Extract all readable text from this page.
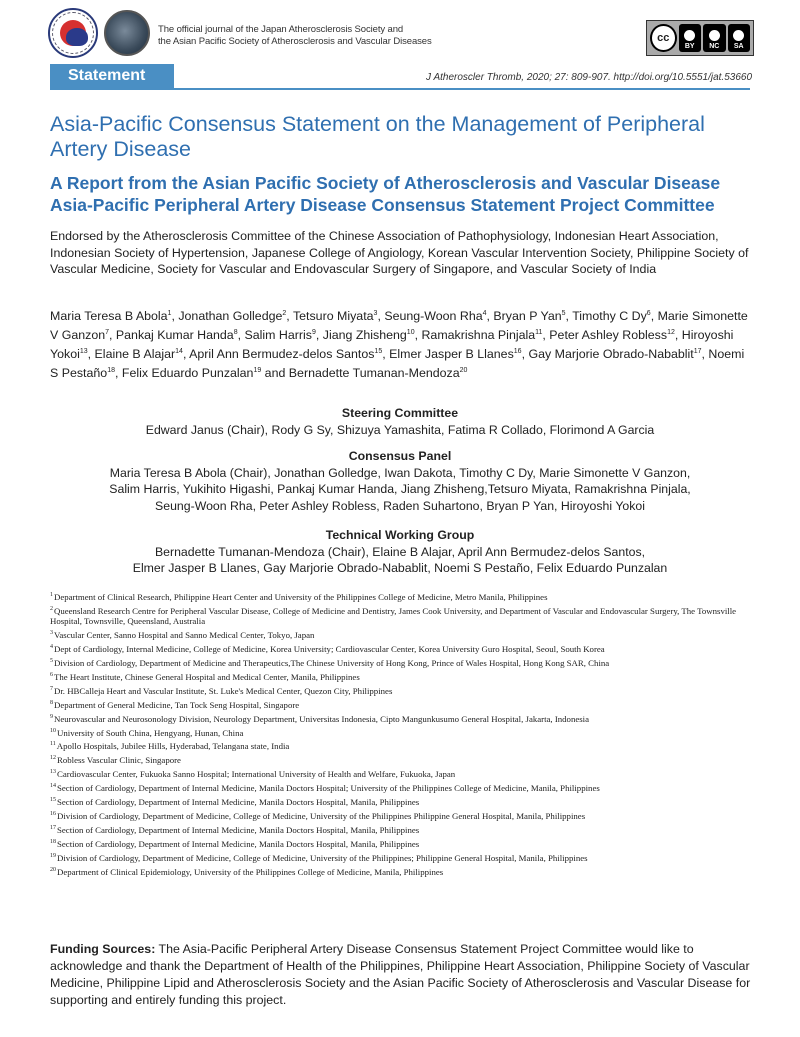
The official journal of the Japan Atherosclerosis Society and
the Asian Pacific Society of Atherosclerosis and Vascular Diseases	cc
BY NC SA
Statement	J Atheroscler Thromb, 2020; 27: 809-907. http://doi.org/10.5551/jat.53660
Asia-Pacific Consensus Statement on the Management of Peripheral
Artery Disease
A Report from the Asian Pacific Society of Atherosclerosis and Vascular Disease
Asia-Pacific Peripheral Artery Disease Consensus Statement Project Committee
Endorsed by the Atherosclerosis Committee of the Chinese Association of Pathophysiology, Indonesian Heart Association, Indonesian Society of Hypertension, Japanese College of Angiology, Korean Vascular Intervention Society, Philippine Society of Vascular Medicine, Society for Vascular and Endovascular Surgery of Singapore, and Vascular Society of India
Maria Teresa B Abola$^1$, Jonathan Golledge$^2$, Tetsuro Miyata$^3$, Seung-Woon Rha$^4$, Bryan P Yan$^5$, Timothy C Dy$^6$, Marie Simonette V Ganzon$^7$, Pankaj Kumar Handa$^8$, Salim Harris$^9$, Jiang Zhisheng$^{10}$, Ramakrishna Pinjala$^{11}$, Peter Ashley Robless$^{12}$, Hiroyoshi Yokoi$^{13}$, Elaine B Alajar$^{14}$, April Ann Bermudez-delos Santos$^{15}$, Elmer Jasper B Llanes$^{16}$, Gay Marjorie Obrado-Nabablit$^{17}$, Noemi S Pestaño$^{18}$, Felix Eduardo Punzalan$^{19}$ and Bernadette Tumanan-Mendoza$^{20}$
Steering Committee
Edward Janus (Chair), Rody G Sy, Shizuya Yamashita, Fatima R Collado, Florimond A Garcia
Consensus Panel
Maria Teresa B Abola (Chair), Jonathan Golledge, Iwan Dakota, Timothy C Dy, Marie Simonette V Ganzon,
Salim Harris, Yukihito Higashi, Pankaj Kumar Handa, Jiang Zhisheng,Tetsuro Miyata, Ramakrishna Pinjala,
Seung-Woon Rha, Peter Ashley Robless, Raden Suhartono, Bryan P Yan, Hiroyoshi Yokoi
Technical Working Group
Bernadette Tumanan-Mendoza (Chair), Elaine B Alajar, April Ann Bermudez-delos Santos,
Elmer Jasper B Llanes, Gay Marjorie Obrado-Nabablit, Noemi S Pestaño, Felix Eduardo Punzalan
$^1$Department of Clinical Research, Philippine Heart Center and University of the Philippines College of Medicine, Metro Manila, Philippines
$^2$Queensland Research Centre for Peripheral Vascular Disease, College of Medicine and Dentistry, James Cook University, and Department of Vascular and Endovascular Surgery, The Townsville Hospital, Townsville, Queensland, Australia
$^3$Vascular Center, Sanno Hospital and Sanno Medical Center, Tokyo, Japan
$^4$Dept of Cardiology, Internal Medicine, College of Medicine, Korea University; Cardiovascular Center, Korea University Guro Hospital, Seoul, South Korea
$^5$Division of Cardiology, Department of Medicine and Therapeutics,The Chinese University of Hong Kong, Prince of Wales Hospital, Hong Kong SAR, China
$^6$The Heart Institute, Chinese General Hospital and Medical Center, Manila, Philippines
$^7$Dr. HBCalleja Heart and Vascular Institute, St. Luke's Medical Center, Quezon City, Philippines
$^8$Department of General Medicine, Tan Tock Seng Hospital, Singapore
$^9$Neurovascular and Neurosonology Division, Neurology Department, Universitas Indonesia, Cipto Mangunkusumo General Hospital, Jakarta, Indonesia
$^{10}$University of South China, Hengyang, Hunan, China
$^{11}$Apollo Hospitals, Jubilee Hills, Hyderabad, Telangana state, India
$^{12}$Robless Vascular Clinic, Singapore
$^{13}$Cardiovascular Center, Fukuoka Sanno Hospital; International University of Health and Welfare, Fukuoka, Japan
$^{14}$Section of Cardiology, Department of Internal Medicine, Manila Doctors Hospital; University of the Philippines College of Medicine, Manila, Philippines
$^{15}$Section of Cardiology, Department of Internal Medicine, Manila Doctors Hospital, Manila, Philippines
$^{16}$Division of Cardiology, Department of Medicine, College of Medicine, University of the Philippines Philippine General Hospital, Manila, Philippines
$^{17}$Section of Cardiology, Department of Internal Medicine, Manila Doctors Hospital, Manila, Philippines
$^{18}$Section of Cardiology, Department of Internal Medicine, Manila Doctors Hospital, Manila, Philippines
$^{19}$Division of Cardiology, Department of Medicine, College of Medicine, University of the Philippines; Philippine General Hospital, Manila, Philippines
$^{20}$Department of Clinical Epidemiology, University of the Philippines College of Medicine, Manila, Philippines
Funding Sources: The Asia-Pacific Peripheral Artery Disease Consensus Statement Project Committee would like to acknowledge and thank the Department of Health of the Philippines, Philippine Heart Association, Philippine Society of Vascular Medicine, Philippine Lipid and Atherosclerosis Society and the Asian Pacific Society of Atherosclerosis and Vascular Disease for supporting and entirely funding this project.
